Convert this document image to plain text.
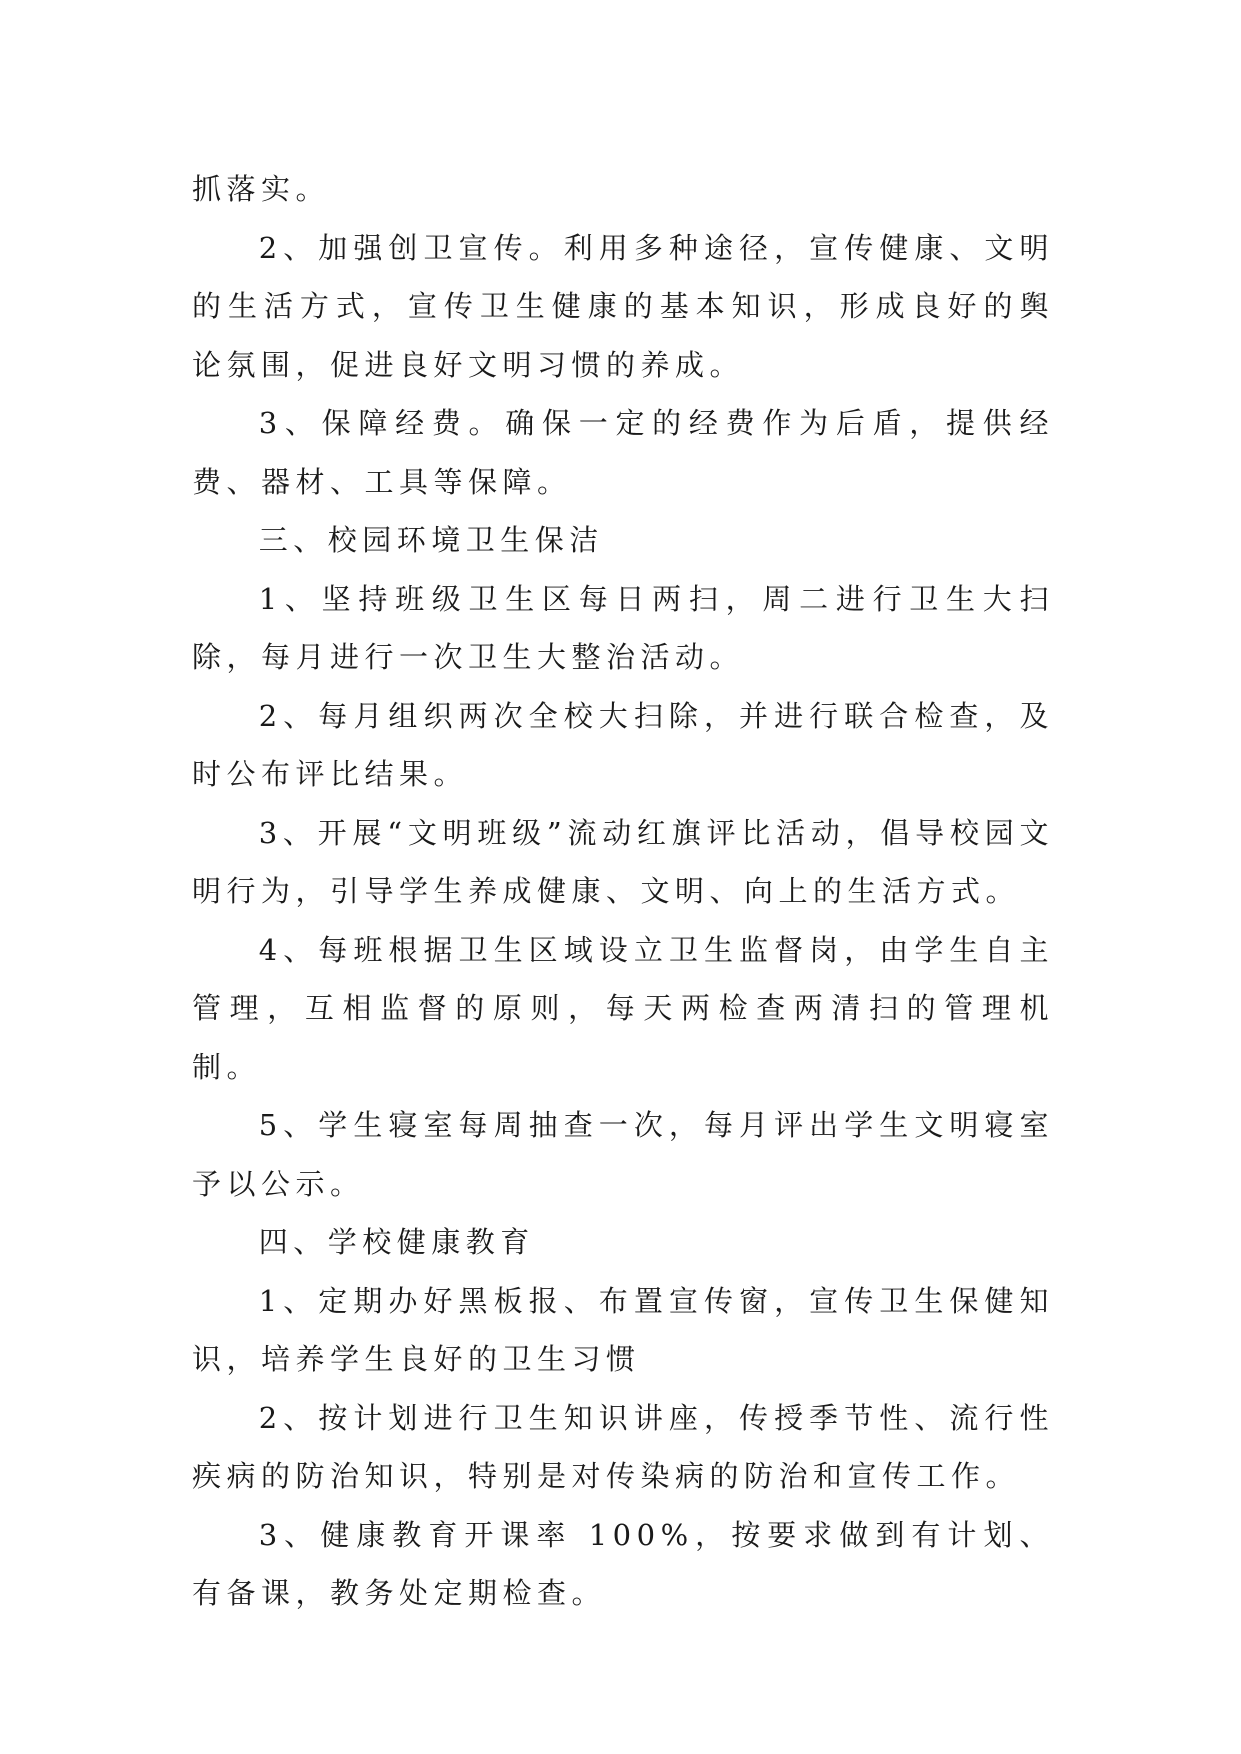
抓落实。

2、加强创卫宣传。利用多种途径，宣传健康、文明的生活方式，宣传卫生健康的基本知识，形成良好的舆论氛围，促进良好文明习惯的养成。

3、保障经费。确保一定的经费作为后盾，提供经费、器材、工具等保障。

三、校园环境卫生保洁

1、坚持班级卫生区每日两扫，周二进行卫生大扫除，每月进行一次卫生大整治活动。

2、每月组织两次全校大扫除，并进行联合检查，及时公布评比结果。

3、开展“文明班级”流动红旗评比活动，倡导校园文明行为，引导学生养成健康、文明、向上的生活方式。

4、每班根据卫生区域设立卫生监督岗，由学生自主管理，互相监督的原则，每天两检查两清扫的管理机制。

5、学生寝室每周抽查一次，每月评出学生文明寝室予以公示。

四、学校健康教育

1、定期办好黑板报、布置宣传窗，宣传卫生保健知识，培养学生良好的卫生习惯

2、按计划进行卫生知识讲座，传授季节性、流行性疾病的防治知识，特别是对传染病的防治和宣传工作。

3、健康教育开课率 100%，按要求做到有计划、有备课，教务处定期检查。
